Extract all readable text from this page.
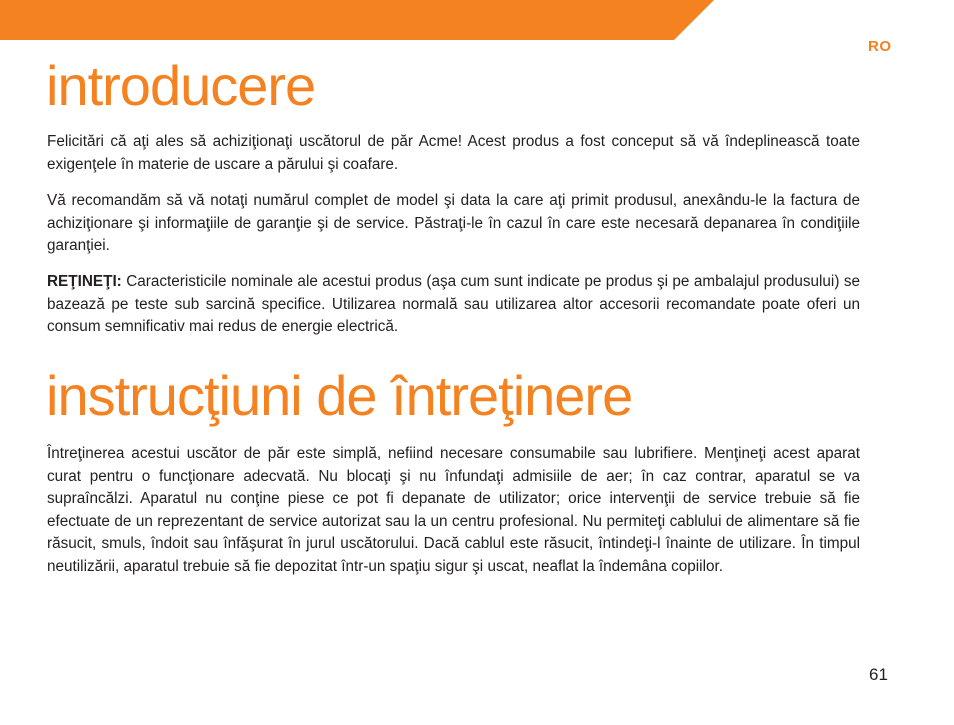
RO
introducere

Felicitări că aţi ales să achiziţionaţi uscătorul de păr Acme! Acest produs a fost conceput să vă îndeplinească toate exigenţele în materie de uscare a părului şi coafare.

Vă recomandăm să vă notaţi numărul complet de model şi data la care aţi primit produsul, anexându-le la factura de achiziţionare şi informaţiile de garanţie şi de service. Păstraţi-le în cazul în care este necesară depanarea în condiţiile garanţiei.

REŢINEŢI: Caracteristicile nominale ale acestui produs (aşa cum sunt indicate pe produs şi pe ambalajul produsului) se bazează pe teste sub sarcină specifice. Utilizarea normală sau utilizarea altor accesorii recomandate poate oferi un consum semnificativ mai redus de energie electrică.

instrucţiuni de întreţinere

Întreţinerea acestui uscător de păr este simplă, nefiind necesare consumabile sau lubrifiere. Menţineţi acest aparat curat pentru o funcţionare adecvată. Nu blocaţi şi nu înfundaţi admisiile de aer; în caz contrar, aparatul se va supraîncălzi. Aparatul nu conţine piese ce pot fi depanate de utilizator; orice intervenţii de service trebuie să fie efectuate de un reprezentant de service autorizat sau la un centru profesional. Nu permiteţi cablului de alimentare să fie răsucit, smuls, îndoit sau înfăşurat în jurul uscătorului. Dacă cablul este răsucit, întindeţi-l înainte de utilizare. În timpul neutilizării, aparatul trebuie să fie depozitat într-un spaţiu sigur şi uscat, neaflat la îndemâna copiilor.

61
